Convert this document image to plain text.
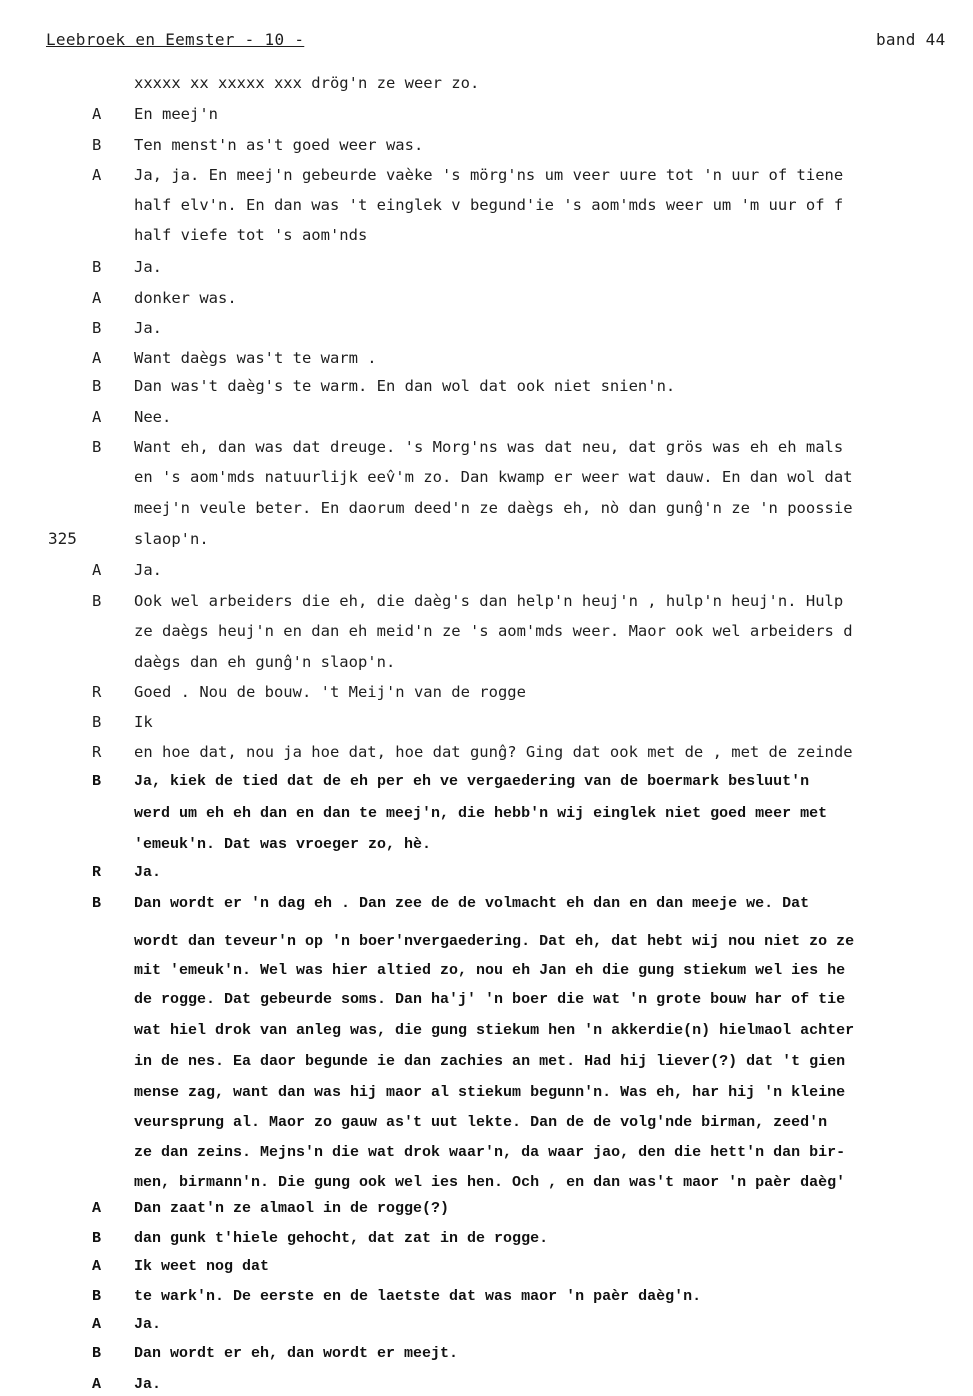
Leebroek en Eemster - 10 -	band 44
xxxxx xx xxxxx xxx drög'n ze weer zo.
A En meej'n
B Ten menst'n as't goed weer was.
A Ja, ja. En meej'n gebeurde vaèke 's mörg'ns um veer uure tot 'n uur of tiene
half elv'n. En dan was 't einglek v begund'ie 's aom'mds weer um 'm uur of f
half viefe tot 's aom'nds
B Ja.
A donker was.
B Ja.
A Want daègs was't te warm .
B Dan was't daèg's te warm. En dan wol dat ook niet snien'n.
A Nee.
B Want eh, dan was dat dreuge. 's Morg'ns was dat neu, dat grös was eh eh mals
en 's aom'mds natuurlijk eev̂'m zo. Dan kwamp er weer wat dauw. En dan wol dat
meej'n veule beter. En daorum deed'n ze daègs eh, nò dan gunĝ'n ze 'n poossie
slaop'n.
325
A Ja.
B Ook wel arbeiders die eh, die daèg's dan help'n heuj'n , hulp'n heuj'n. Hulp
ze daègs heuj'n en dan eh meid'n ze 's aom'mds weer. Maor ook wel arbeiders d
daègs dan eh gunĝ'n slaop'n.
R Goed . Nou de bouw. 't Meij'n van de rogge
B Ik
R en hoe dat, nou ja hoe dat, hoe dat gunĝ? Ging dat ook met de , met de zeinde
B Ja, kiek de tied dat de eh per eh ve vergaedering van de boermark besluut'n
werd um eh eh dan en dan te meej'n, die hebb'n wij einglek niet goed meer met
'emeuk'n. Dat was vroeger zo, hè.
R Ja.
B Dan wordt er 'n dag eh . Dan zee de de volmacht eh dan en dan meeje we. Dat
wordt dan teveur'n op 'n boer'nvergaedering. Dat eh, dat hebt wij nou niet zo ze
mit 'emeuk'n. Wel was hier altied zo, nou eh Jan eh die gung stiekum wel ies he
de rogge. Dat gebeurde soms. Dan ha'j' 'n boer die wat 'n grote bouw har of tie
wat hiel drok van anleg was, die gung stiekum hen 'n akkerdie(n) hielmaol achter
in de nes. Ea daor begunde ie dan zachies an met. Had hij liever(?) dat 't gien
mense zag, want dan was hij maor al stiekum begunn'n. Was eh, har hij 'n kleine
veursprung al. Maor zo gauw as't uut lekte. Dan de de volg'nde birman, zeed'n
ze dan zeins. Mejns'n die wat drok waar'n, da waar jao, den die hett'n dan bir-
men, birmann'n. Die gung ook wel ies hen. Och , en dan was't maor 'n paèr daèg'
A Dan zaat'n ze almaol in de rogge(?)
B dan gunk t'hiele gehocht, dat zat in de rogge.
A Ik weet nog dat
B te wark'n. De eerste en de laetste dat was maor 'n paèr daèg'n.
A Ja.
B Dan wordt er eh, dan wordt er meejt.
A Ja.
